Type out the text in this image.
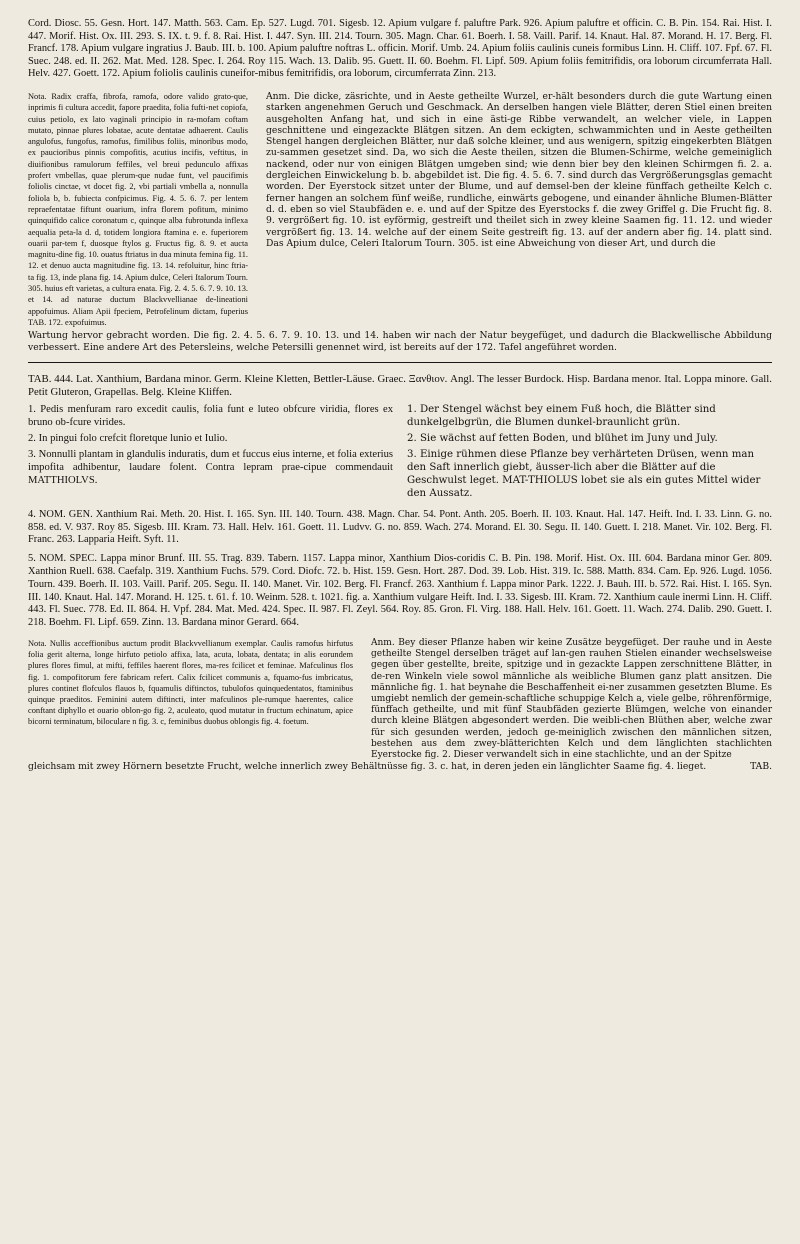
Cord. Diosc. 55. Gesn. Hort. 147. Matth. 563. Cam. Ep. 527. Lugd. 701. Sigesb. 12. Apium vulgare f. paluftre Park. 926. Apium paluftre et officin. C. B. Pin. 154. Rai. Hist. I. 447. Morif. Hist. Ox. III. 293. S. IX. t. 9. f. 8. Rai. Hist. I. 447. Syn. III. 214. Tourn. 305. Magn. Char. 61. Boerh. I. 58. Vaill. Parif. 14. Knaut. Hal. 87. Morand. H. 17. Berg. Fl. Francf. 178. Apium vulgare ingratius J. Baub. III. b. 100. Apium paluftre noftras L. officin. Morif. Umb. 24. Apium foliis caulinis cuneis formibus Linn. H. Cliff. 107. Fpf. 67. Fl. Suec. 248. ed. II. 262. Mat. Med. 128. Spec. I. 264. Roy 115. Wach. 13. Dalib. 95. Guett. II. 60. Boehm. Fl. Lipf. 509. Apium foliis femitrifidis, ora loborum circumferrata Hall. Helv. 427. Goett. 172. Apium foliolis caulinis cuneifor-mibus femitrifidis, ora loborum, circumferrata Zinn. 213.

Nota. Radix craffa, fibrofa, ramofa, odore valido grato-que, inprimis fi cultura accedit, fapore praedita, folia fufti-net copiofa, cuius petiolo, ex lato vaginali principio in ra-mofam coftam mutato, pinnae plures lobatae, acute dentatae adhaerent. Caulis angulofus, fungofus, ramofus, fimilibus foliis, minoribus modo, ex paucioribus pinnis compofitis, acutius incifis, veftitus, in diuifionibus ramulorum feffiles, vel breui pedunculo affixas profert vmbellas, quae plerum-que nudae funt, vel paucifimis foliolis cinctae, vt docet fig. 2, vbi partiali vmbella a, nonnulla foliola b, b. fubiecta confpicimus. Fig. 4. 5. 6. 7. per lentem repraefentatae fiftunt ouarium, infra florem pofitum, minimo quinquifido calice coronatum c, quinque alba fubrotunda inflexa aequalia peta-la d. d, totidem longiora ftamina e. e. fuperiorem ouarii par-tem f, duosque ftylos g. Fructus fig. 8. 9. et aucta magnitu-dine fig. 10. ouatus ftriatus in dua minuta femina fig. 11. 12. et denuo aucta magnitudine fig. 13. 14. refoluitur, hinc ftria-ta fig. 13, inde plana fig. 14. Apium dulce, Celeri Italorum Tourn. 305. huius eft varietas, a cultura enata. Fig. 2. 4. 5. 6. 7. 9. 10. 13. et 14. ad naturae ductum Blackvvellianae de-lineationi appofuimus. Aliam Apii fpeciem, Petrofelinum dictam, fuperius TAB. 172. expofuimus.
Anm. Die dicke, zäsrichte, und in Aeste getheilte Wurzel, er-hält besonders durch die gute Wartung einen starken angenehmen Geruch und Geschmack. An derselben hangen viele Blätter, deren Stiel einen breiten ausgeholten Anfang hat, und sich in eine ästi-ge Ribbe verwandelt, an welcher viele, in Lappen geschnittene und eingezackte Blätgen sitzen. An dem eckigten, schwammichten und in Aeste getheilten Stengel hangen dergleichen Blätter, nur daß solche kleiner, und aus wenigern, spitzig eingekerbten Blätgen zu-sammen gesetzet sind. Da, wo sich die Aeste theilen, sitzen die Blumen-Schirme, welche gemeiniglich nackend, oder nur von einigen Blätgen umgeben sind; wie denn bier bey den kleinen Schirmgen fi. 2. a. dergleichen Einwickelung b. b. abgebildet ist. Die fig. 4. 5. 6. 7. sind durch das Vergrößerungsglas gemacht worden. Der Eyerstock sitzet unter der Blume, und auf demsel-ben der kleine fünffach getheilte Kelch c. ferner hangen an solchem fünf weiße, rundliche, einwärts gebogene, und einander ähnliche Blumen-Blätter d. d. eben so viel Staubfäden e. e. und auf der Spitze des Eyerstocks f. die zwey Griffel g. Die Frucht fig. 8. 9. vergrößert fig. 10. ist eyförmig, gestreift und theilet sich in zwey kleine Saamen fig. 11. 12. und wieder vergrößert fig. 13. 14. welche auf der einem Seite gestreift fig. 13. auf der andern aber fig. 14. platt sind. Das Apium dulce, Celeri Italorum Tourn. 305. ist eine Abweichung von dieser Art, und durch die

Wartung hervor gebracht worden. Die fig. 2. 4. 5. 6. 7. 9. 10. 13. und 14. haben wir nach der Natur beygefüget, und dadurch die Blackwellische Abbildung verbessert. Eine andere Art des Petersleins, welche Petersilli genennet wird, ist bereits auf der 172. Tafel angeführet worden.

TAB. 444. Lat. Xanthium, Bardana minor. Germ. Kleine Kletten, Bettler-Läuse. Graec. Ξανθιον. Angl. The lesser Burdock. Hisp. Bardana menor. Ital. Loppa minore. Gall. Petit Gluteron, Grapellas. Belg. Kleine Kliffen.

1. Pedis menfuram raro excedit caulis, folia funt e luteo obfcure viridia, flores ex bruno ob-fcure virides.

2. In pingui folo crefcit floretque lunio et Iulio.

3. Nonnulli plantam in glandulis induratis, dum et fuccus eius interne, et folia exterius impofita adhibentur, laudare folent. Contra lepram prae-cipue commendauit MATTHIOLVS.

1. Der Stengel wächst bey einem Fuß hoch, die Blätter sind dunkelgelbgrün, die Blumen dunkel-braunlicht grün.

2. Sie wächst auf fetten Boden, und blühet im Juny und July.

3. Einige rühmen diese Pflanze bey verhärteten Drüsen, wenn man den Saft innerlich giebt, äusser-lich aber die Blätter auf die Geschwulst leget. MAT-THIOLUS lobet sie als ein gutes Mittel wider den Aussatz.

4. NOM. GEN. Xanthium Rai. Meth. 20. Hist. I. 165. Syn. III. 140. Tourn. 438. Magn. Char. 54. Pont. Anth. 205. Boerh. II. 103. Knaut. Hal. 147. Heift. Ind. I. 33. Linn. G. no. 858. ed. V. 937. Roy 85. Sigesb. III. Kram. 73. Hall. Helv. 161. Goett. 11. Ludvv. G. no. 859. Wach. 274. Morand. El. 30. Segu. II. 140. Guett. I. 218. Manet. Vir. 102. Berg. Fl. Franc. 263. Lapparia Heift. Syft. 11.

5. NOM. SPEC. Lappa minor Brunf. III. 55. Trag. 839. Tabern. 1157. Lappa minor, Xanthium Dios-coridis C. B. Pin. 198. Morif. Hist. Ox. III. 604. Bardana minor Ger. 809. Xanthion Ruell. 638. Caefalp. 319. Xanthium Fuchs. 579. Cord. Diofc. 72. b. Hist. 159. Gesn. Hort. 287. Dod. 39. Lob. Hist. 319. Ic. 588. Matth. 834. Cam. Ep. 926. Lugd. 1056. Tourn. 439. Boerh. II. 103. Vaill. Parif. 205. Segu. II. 140. Manet. Vir. 102. Berg. Fl. Francf. 263. Xanthium f. Lappa minor Park. 1222. J. Bauh. III. b. 572. Rai. Hist. I. 165. Syn. III. 140. Knaut. Hal. 147. Morand. H. 125. t. 61. f. 10. Weinm. 528. t. 1021. fig. a. Xanthium vulgare Heift. Ind. I. 33. Sigesb. III. Kram. 72. Xanthium caule inermi Linn. H. Cliff. 443. Fl. Suec. 778. Ed. II. 864. H. Vpf. 284. Mat. Med. 424. Spec. II. 987. Fl. Zeyl. 564. Roy. 85. Gron. Fl. Virg. 188. Hall. Helv. 161. Goett. 11. Wach. 274. Dalib. 290. Guett. I. 218. Boehm. Fl. Lipf. 659. Zinn. 13. Bardana minor Gerard. 664.

Nota. Nullis acceffionibus auctum prodit Blackvvellianum exemplar. Caulis ramofus hirfutus folia gerit alterna, longe hirfuto petiolo affixa, lata, acuta, lobata, dentata; in alis eorundem plures flores fimul, at mifti, feffiles haerent flores, ma-res fcilicet et feminae. Mafculinus flos fig. 1. compofitorum fere fabricam refert. Calix fcilicet communis a, fquamo-fus imbricatus, plures continet flofculos flauos b, fquamulis diftinctos, tubulofos quinquedentatos, ftaminibus quinque praeditos. Feminini autem diftincti, inter mafculinos ple-rumque haerentes, calice conftant diphyllo et ouario oblon-go fig. 2, aculeato, quod mutatur in fructum echinatum, apice bicorni terminatum, biloculare n fig. 3. c, feminibus duobus oblongis fig. 4. foetum.
Anm. Bey dieser Pflanze haben wir keine Zusätze beygefüget. Der rauhe und in Aeste getheilte Stengel derselben träget auf lan-gen rauhen Stielen einander wechselsweise gegen über gestellte, breite, spitzige und in gezackte Lappen zerschnittene Blätter, in de-ren Winkeln viele sowol männliche als weibliche Blumen ganz platt ansitzen. Die männliche fig. 1. hat beynahe die Beschaffenheit ei-ner zusammen gesetzten Blume. Es umgiebt nemlich der gemein-schaftliche schuppige Kelch a, viele gelbe, röhrenförmige, fünffach getheilte, und mit fünf Staubfäden gezierte Blümgen, welche von einander durch kleine Blätgen abgesondert werden. Die weibli-chen Blüthen aber, welche zwar für sich gesunden werden, jedoch ge-meiniglich zwischen den männlichen sitzen, bestehen aus dem zwey-blätterichten Kelch und dem länglichten stachlichten Eyerstocke fig. 2. Dieser verwandelt sich in eine stachlichte, und an der Spitze

gleichsam mit zwey Hörnern besetzte Frucht, welche innerlich zwey Behältnüsse fig. 3. c. hat, in deren jeden ein länglichter Saame fig. 4. lieget.	TAB.
